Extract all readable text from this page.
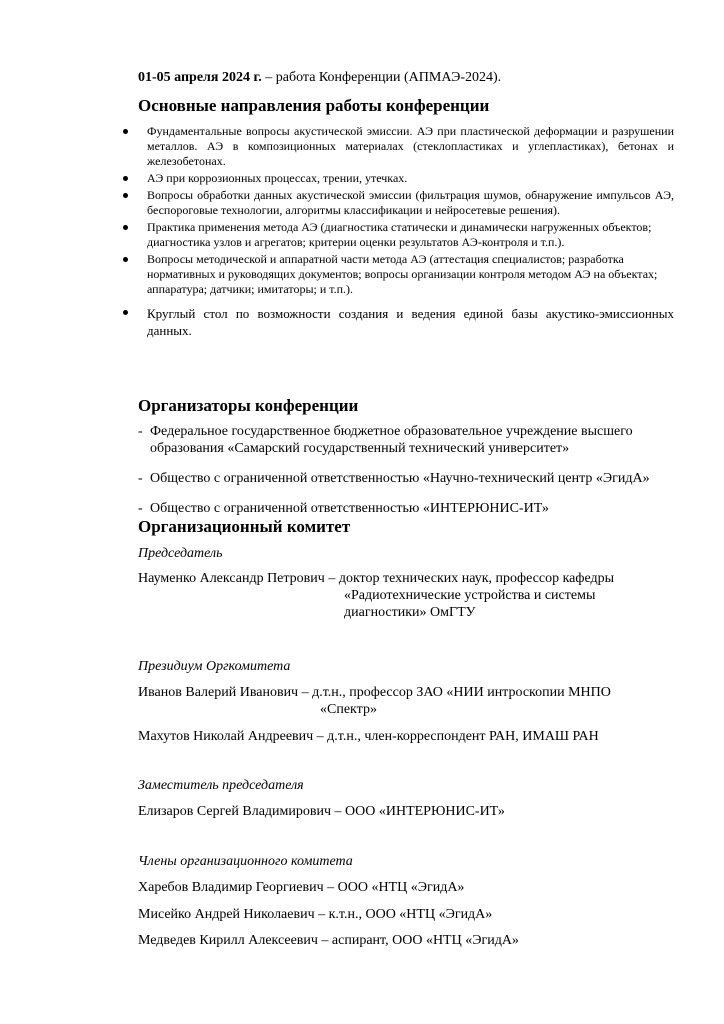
01-05 апреля 2024 г. – работа Конференции (АПМАЭ-2024).
Основные направления работы конференции
Фундаментальные вопросы акустической эмиссии. АЭ при пластической деформации и разрушении металлов. АЭ в композиционных материалах (стеклопластиках и углепластиках), бетонах и железобетонах.
АЭ при коррозионных процессах, трении, утечках.
Вопросы обработки данных акустической эмиссии (фильтрация шумов, обнаружение импульсов АЭ, беспороговые технологии, алгоритмы классификации и нейросетевые решения).
Практика применения метода АЭ (диагностика статически и динамически нагруженных объектов; диагностика узлов и агрегатов; критерии оценки результатов АЭ-контроля и т.п.).
Вопросы методической и аппаратной части метода АЭ (аттестация специалистов; разработка нормативных и руководящих документов; вопросы организации контроля методом АЭ на объектах; аппаратура; датчики; имитаторы; и т.п.).
Круглый стол по возможности создания и ведения единой базы акустико-эмиссионных данных.
Организаторы конференции
- Федеральное государственное бюджетное образовательное учреждение высшего образования «Самарский государственный технический университет»
- Общество с ограниченной ответственностью «Научно-технический центр «ЭгидА»
- Общество с ограниченной ответственностью «ИНТЕРЮНИС-ИТ»
Организационный комитет
Председатель
Науменко Александр Петрович – доктор технических наук, профессор кафедры
«Радиотехнические устройства и системы
диагностики» ОмГТУ
Президиум Оргкомитета
Иванов Валерий Иванович – д.т.н., профессор ЗАО «НИИ интроскопии МНПО
«Спектр»
Махутов Николай Андреевич – д.т.н., член-корреспондент РАН, ИМАШ РАН
Заместитель председателя
Елизаров Сергей Владимирович – ООО «ИНТЕРЮНИС-ИТ»
Члены организационного комитета
Харебов Владимир Георгиевич – ООО «НТЦ «ЭгидА»
Мисейко Андрей Николаевич – к.т.н., ООО «НТЦ «ЭгидА»
Медведев Кирилл Алексеевич – аспирант, ООО «НТЦ «ЭгидА»
